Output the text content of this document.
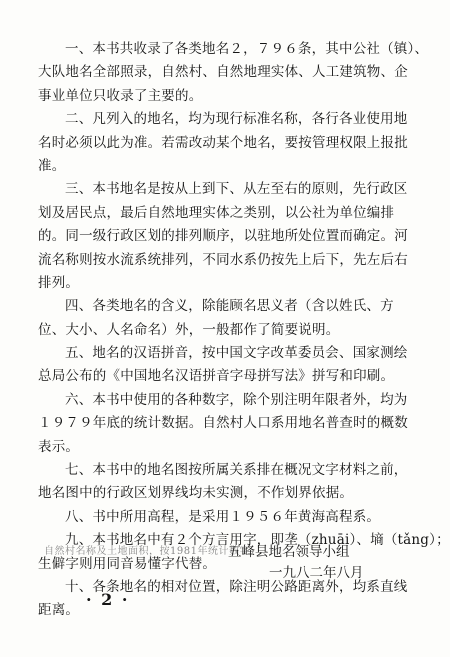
一、本书共收录了各类地名２，７９６条，其中公社（镇）、
大队地名全部照录，自然村、自然地理实体、人工建筑物、企
事业单位只收录了主要的。
二、凡列入的地名，均为现行标准名称，各行各业使用地
名时必须以此为准。若需改动某个地名，要按管理权限上报批
准。
三、本书地名是按从上到下、从左至右的原则，先行政区
划及居民点，最后自然地理实体之类别，以公社为单位编排
的。同一级行政区划的排列顺序，以驻地所处位置而确定。河
流名称则按水流系统排列，不同水系仍按先上后下，先左后右
排列。
四、各类地名的含义，除能顾名思义者（含以姓氏、方
位、大小、人名命名）外，一般都作了简要说明。
五、地名的汉语拼音，按中国文字改革委员会、国家测绘
总局公布的《中国地名汉语拼音字母拼写法》拼写和印刷。
六、本书中使用的各种数字，除个别注明年限者外，均为
１９７９年底的统计数据。自然村人口系用地名普查时的概数
表示。
七、本书中的地名图按所属关系排在概况文字材料之前，
地名图中的行政区划界线均未实测，不作划界依据。
八、书中所用高程，是采用１９５６年黄海高程系。
九、本书地名中有２个方言用字，即垄（zhuāi）、墒（tǎng）；
生僻字则用同音易懂字代替。
十、各条地名的相对位置，除注明公路距离外，均系直线
距离。
自然村名称及土地面积，按1981年统计数字
五峰县地名领导小组
一九八二年八月
· 2 ·
